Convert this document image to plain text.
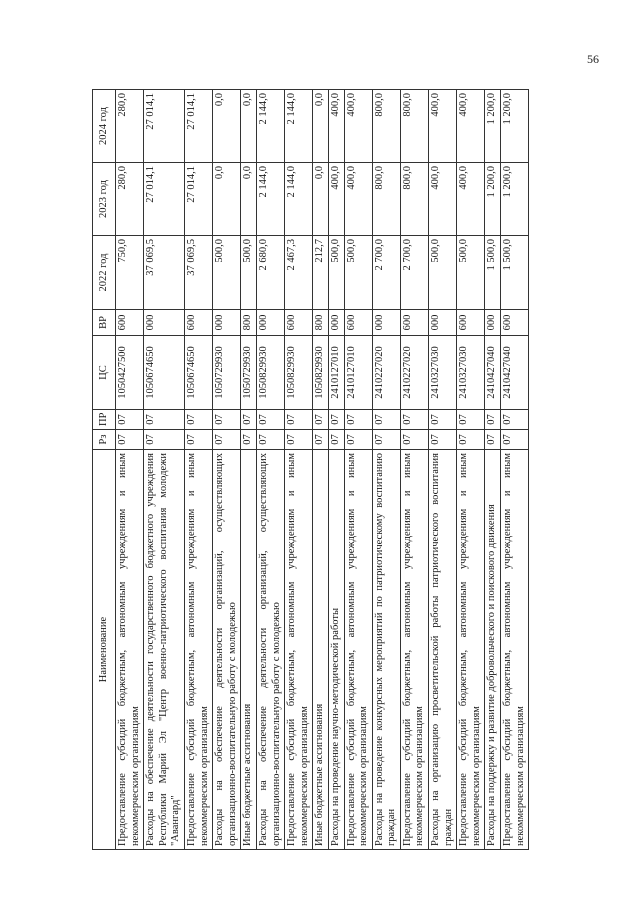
56
Наименование	Рз	ПР	ЦС	ВР	2022 год	2023 год	2024 год
Предоставление субсидий бюджетным, автономным учреждениям и иным некоммерческим организациям	07	07	1050427500	600	750,0	280,0	280,0
Расходы на обеспечение деятельности государственного бюджетного учреждения Республики Марий Эл "Центр военно-патриотического воспитания молодежи "Авангард"	07	07	1050674650	000	37 069,5	27 014,1	27 014,1
Предоставление субсидий бюджетным, автономным учреждениям и иным некоммерческим организациям	07	07	1050674650	600	37 069,5	27 014,1	27 014,1
Расходы на обеспечение деятельности организаций, осуществляющих организационно-воспитательную работу с молодежью	07	07	1050729930	000	500,0	0,0	0,0
Иные бюджетные ассигнования	07	07	1050729930	800	500,0	0,0	0,0
Расходы на обеспечение деятельности организаций, осуществляющих организационно-воспитательную работу с молодежью	07	07	1050829930	000	2 680,0	2 144,0	2 144,0
Предоставление субсидий бюджетным, автономным учреждениям и иным некоммерческим организациям	07	07	1050829930	600	2 467,3	2 144,0	2 144,0
Иные бюджетные ассигнования	07	07	1050829930	800	212,7	0,0	0,0
Расходы на проведение научно-методической работы	07	07	2410127010	000	500,0	400,0	400,0
Предоставление субсидий бюджетным, автономным учреждениям и иным некоммерческим организациям	07	07	2410127010	600	500,0	400,0	400,0
Расходы на проведение конкурсных мероприятий по патриотическому воспитанию граждан	07	07	2410227020	000	2 700,0	800,0	800,0
Предоставление субсидий бюджетным, автономным учреждениям и иным некоммерческим организациям	07	07	2410227020	600	2 700,0	800,0	800,0
Расходы на организацию просветительской работы патриотического воспитания граждан	07	07	2410327030	000	500,0	400,0	400,0
Предоставление субсидий бюджетным, автономным учреждениям и иным некоммерческим организациям	07	07	2410327030	600	500,0	400,0	400,0
Расходы на поддержку и развитие добровольческого и поискового движения	07	07	2410427040	000	1 500,0	1 200,0	1 200,0
Предоставление субсидий бюджетным, автономным учреждениям и иным некоммерческим организациям	07	07	2410427040	600	1 500,0	1 200,0	1 200,0
